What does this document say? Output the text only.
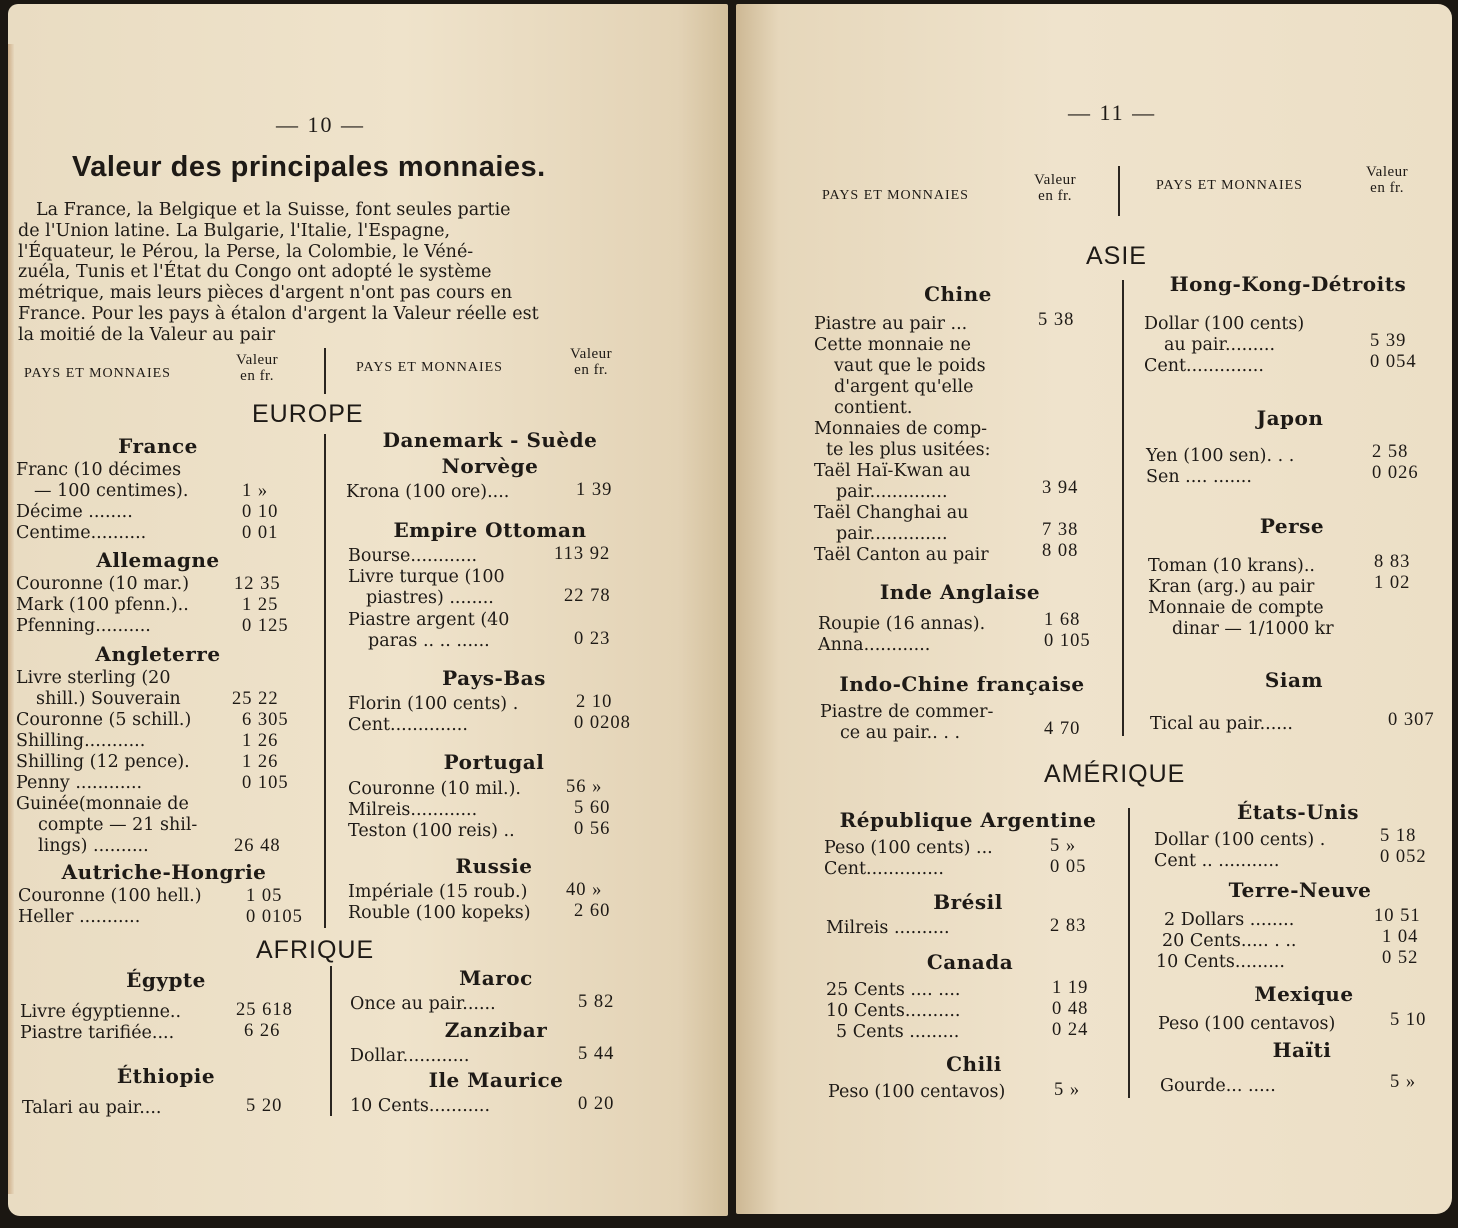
— 10 —
Valeur des principales monnaies.
La France, la Belgique et la Suisse, font seules partie
de l'Union latine. La Bulgarie, l'Italie, l'Espagne,
l'Équateur, le Pérou, la Perse, la Colombie, le Véné-
zuéla, Tunis et l'État du Congo ont adopté le système
métrique, mais leurs pièces d'argent n'ont pas cours en
France. Pour les pays à étalon d'argent la Valeur réelle est
la moitié de la Valeur au pair
PAYS ET MONNAIES
Valeur
en fr.
PAYS ET MONNAIES
Valeur
en fr.
EUROPE
France
Franc (10 décimes
— 100 centimes).	1 »
Décime ........	0 10
Centime..........	0 01
Allemagne
Couronne (10 mar.) 12 35
Mark (100 pfenn.)..	1 25
Pfenning..........	0 125
Angleterre
Livre sterling (20
shill.) Souverain	25 22
Couronne (5 schill.)	6 305
Shilling...........	1 26
Shilling (12 pence).	1 26
Penny ............	0 105
Guinée(monnaie de
compte — 21 shil-
lings) ..........	26 48
Autriche-Hongrie
Couronne (100 hell.) 1 05
Heller ...........	0 0105
Danemark - Suède
Norvège
Krona (100 ore)....	1 39
Empire Ottoman
Bourse............	113 92
Livre turque (100
piastres) ........	22 78
Piastre argent (40
paras .. .. ......	0 23
Pays-Bas
Florin (100 cents) .	2 10
Cent..............	0 0208
Portugal
Couronne (10 mil.). 56 »
Milreis............	5 60
Teston (100 reis) ..	0 56
Russie
Impériale (15 roub.) 40 »
Rouble (100 kopeks) 2 60
AFRIQUE
Égypte
Livre égyptienne..	25 618
Piastre tarifiée....	6 26
Éthiopie
Talari au pair....	5 20
Maroc
Once au pair......	5 82
Zanzibar
Dollar............	5 44
Ile Maurice
10 Cents...........	0 20
— 11 —
PAYS ET MONNAIES
Valeur
en fr.
PAYS ET MONNAIES
Valeur
en fr.
ASIE
Chine
Piastre au pair ...	5 38
Cette monnaie ne
vaut que le poids
d'argent qu'elle
contient.
Monnaies de comp-
te les plus usitées:
Taël Haï-Kwan au
pair..............	3 94
Taël Changhai au
pair..............	7 38
Taël Canton au pair	8 08
Inde Anglaise
Roupie (16 annas).	1 68
Anna............	0 105
Indo-Chine française
Piastre de commer-
ce au pair.. . .	4 70
Hong-Kong-Détroits
Dollar (100 cents)
au pair.........	5 39
Cent..............	0 054
Japon
Yen (100 sen). . .	2 58
Sen .... .......	0 026
Perse
Toman (10 krans)..	8 83
Kran (arg.) au pair	1 02
Monnaie de compte
dinar — 1/1000 kr
Siam
Tical au pair......	0 307
AMÉRIQUE
République Argentine
Peso (100 cents) ...	5 »
Cent..............	0 05
Brésil
Milreis ..........	2 83
Canada
25 Cents .... ....	1 19
10 Cents..........	0 48
5 Cents .........	0 24
Chili
Peso (100 centavos)	5 »
États-Unis
Dollar (100 cents) .	5 18
Cent .. ...........	0 052
Terre-Neuve
2 Dollars ........	10 51
20 Cents..... . ..	1 04
10 Cents.........	0 52
Mexique
Peso (100 centavos)	5 10
Haïti
Gourde... .....	5 »
